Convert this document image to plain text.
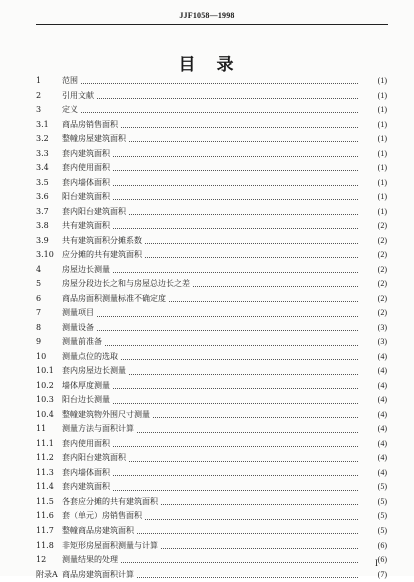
JJF1058—1998
目　录
1	范围	(1)
2	引用文献	(1)
3	定义	(1)
3.1	商品房销售面积	(1)
3.2	整幢房屋建筑面积	(1)
3.3	套内建筑面积	(1)
3.4	套内使用面积	(1)
3.5	套内墙体面积	(1)
3.6	阳台建筑面积	(1)
3.7	套内阳台建筑面积	(1)
3.8	共有建筑面积	(2)
3.9	共有建筑面积分摊系数	(2)
3.10	应分摊的共有建筑面积	(2)
4	房屋边长测量	(2)
5	房屋分段边长之和与房屋总边长之差	(2)
6	商品房面积测量标准不确定度	(2)
7	测量项目	(2)
8	测量设备	(3)
9	测量前准备	(3)
10	测量点位的选取	(4)
10.1	套内房屋边长测量	(4)
10.2	墙体厚度测量	(4)
10.3	阳台边长测量	(4)
10.4	整幢建筑物外围尺寸测量	(4)
11	测量方法与面积计算	(4)
11.1	套内使用面积	(4)
11.2	套内阳台建筑面积	(4)
11.3	套内墙体面积	(4)
11.4	套内建筑面积	(5)
11.5	各套应分摊的共有建筑面积	(5)
11.6	套（单元）房销售面积	(5)
11.7	整幢商品房建筑面积	(5)
11.8	非矩形房屋面积测量与计算	(6)
12	测量结果的处理	(6)
附录A 商品房建筑面积计算	(7)
I
